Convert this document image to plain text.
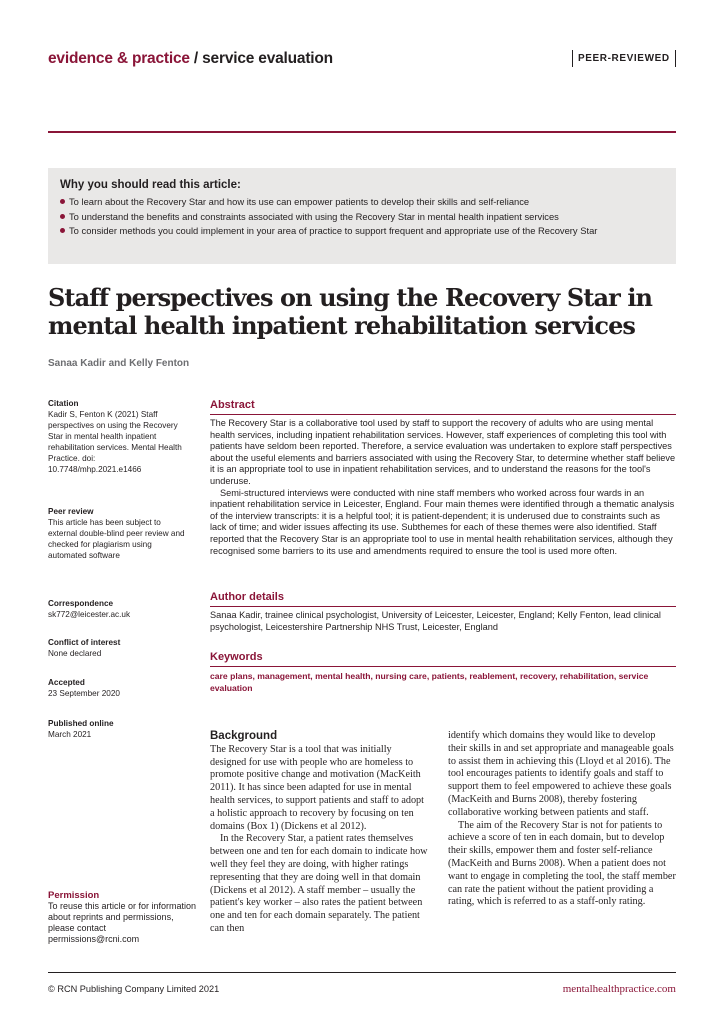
evidence & practice / service evaluation	PEER-REVIEWED
Why you should read this article:
To learn about the Recovery Star and how its use can empower patients to develop their skills and self-reliance
To understand the benefits and constraints associated with using the Recovery Star in mental health inpatient services
To consider methods you could implement in your area of practice to support frequent and appropriate use of the Recovery Star
Staff perspectives on using the Recovery Star in mental health inpatient rehabilitation services
Sanaa Kadir and Kelly Fenton
Citation
Kadir S, Fenton K (2021) Staff perspectives on using the Recovery Star in mental health inpatient rehabilitation services. Mental Health Practice. doi: 10.7748/mhp.2021.e1466
Peer review
This article has been subject to external double-blind peer review and checked for plagiarism using automated software
Correspondence
sk772@leicester.ac.uk
Conflict of interest
None declared
Accepted
23 September 2020
Published online
March 2021
Abstract

The Recovery Star is a collaborative tool used by staff to support the recovery of adults who are using mental health services, including inpatient rehabilitation services. However, staff experiences of completing this tool with patients have seldom been reported. Therefore, a service evaluation was undertaken to explore staff perspectives about the useful elements and barriers associated with using the Recovery Star, to determine whether staff believe it is an appropriate tool to use in inpatient rehabilitation services, and to understand the reasons for the tool's underuse.

Semi-structured interviews were conducted with nine staff members who worked across four wards in an inpatient rehabilitation service in Leicester, England. Four main themes were identified through a thematic analysis of the interview transcripts: it is a helpful tool; it is patient-dependent; it is underused due to constraints such as lack of time; and wider issues affecting its use. Subthemes for each of these themes were also identified. Staff reported that the Recovery Star is an appropriate tool to use in mental health rehabilitation services, although they recognised some barriers to its use and amendments required to ensure the tool is used more often.

Author details
Sanaa Kadir, trainee clinical psychologist, University of Leicester, Leicester, England; Kelly Fenton, lead clinical psychologist, Leicestershire Partnership NHS Trust, Leicester, England
Keywords
care plans, management, mental health, nursing care, patients, reablement, recovery, rehabilitation, service evaluation
Background

The Recovery Star is a tool that was initially designed for use with people who are homeless to promote positive change and motivation (MacKeith 2011). It has since been adapted for use in mental health services, to support patients and staff to adopt a holistic approach to recovery by focusing on ten domains (Box 1) (Dickens et al 2012).

In the Recovery Star, a patient rates themselves between one and ten for each domain to indicate how well they feel they are doing, with higher ratings representing that they are doing well in that domain (Dickens et al 2012). A staff member – usually the patient's key worker – also rates the patient between one and ten for each domain separately. The patient can then

identify which domains they would like to develop their skills in and set appropriate and manageable goals to assist them in achieving this (Lloyd et al 2016). The tool encourages patients to identify goals and staff to support them to feel empowered to achieve these goals (MacKeith and Burns 2008), thereby fostering collaborative working between patients and staff.

The aim of the Recovery Star is not for patients to achieve a score of ten in each domain, but to develop their skills, empower them and foster self-reliance (MacKeith and Burns 2008). When a patient does not want to engage in completing the tool, the staff member can rate the patient without the patient providing a rating, which is referred to as a staff-only rating.

Permission
To reuse this article or for information about reprints and permissions, please contact permissions@rcni.com
© RCN Publishing Company Limited 2021	mentalhealthpractice.com
